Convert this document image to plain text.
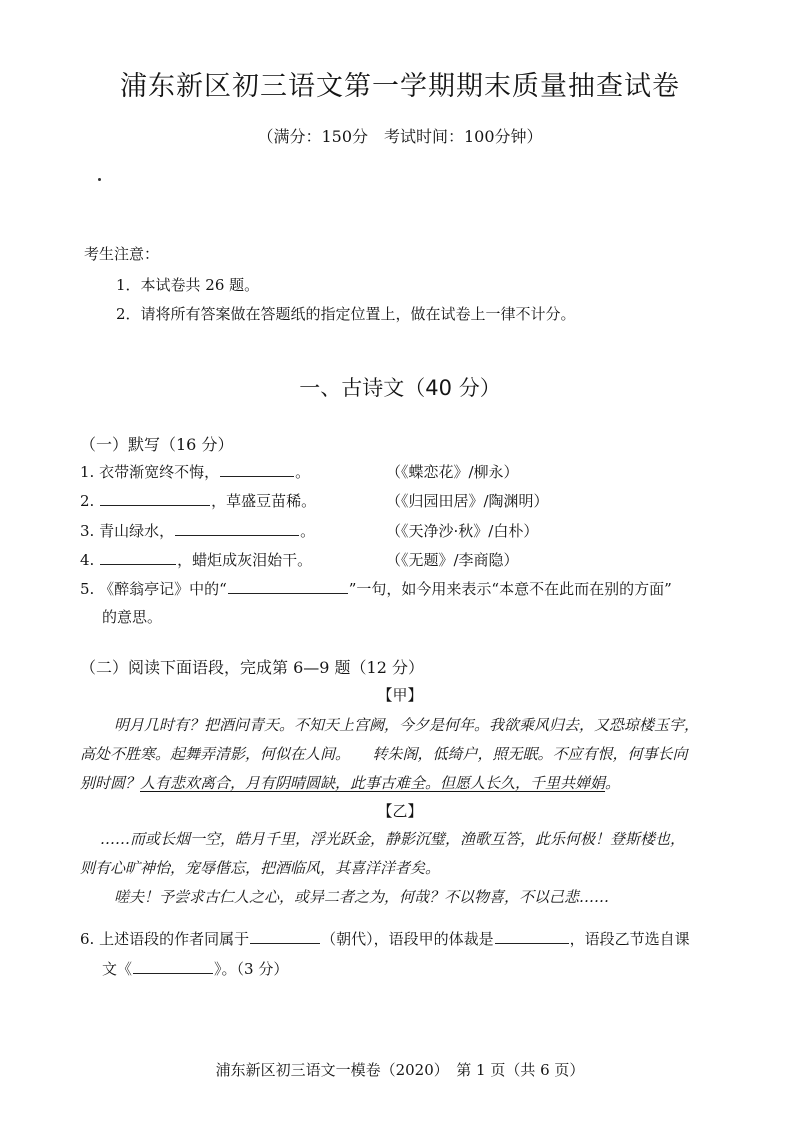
浦东新区初三语文第一学期期末质量抽查试卷
（满分：150分　考试时间：100分钟）
考生注意：
1．本试卷共 26 题。
2．请将所有答案做在答题纸的指定位置上，做在试卷上一律不计分。
一、古诗文（40 分）
（一）默写（16 分）
1. 衣带渐宽终不悔，	。	（《蝶恋花》/柳永）
2.	，草盛豆苗稀。	（《归园田居》/陶渊明）
3. 青山绿水，	。	（《天净沙·秋》/白朴）
4.	，蜡炬成灰泪始干。	（《无题》/李商隐）
5. 《醉翁亭记》中的“	”一句，如今用来表示“本意不在此而在别的方面”
的意思。
（二）阅读下面语段，完成第 6—9 题（12 分）
【甲】
明月几时有？把酒问青天。不知天上宫阙，今夕是何年。我欲乘风归去，又恐琼楼玉宇，
高处不胜寒。起舞弄清影，何似在人间。　　转朱阁，低绮户，照无眠。不应有恨，何事长向
别时圆？人有悲欢离合，月有阴晴圆缺，此事古难全。但愿人长久，千里共婵娟。
【乙】
……而或长烟一空，皓月千里，浮光跃金，静影沉璧，渔歌互答，此乐何极！登斯楼也，
则有心旷神怡，宠辱偕忘，把酒临风，其喜洋洋者矣。
嗟夫！予尝求古仁人之心，或异二者之为，何哉？不以物喜，不以己悲……
6. 上述语段的作者同属于	（朝代），语段甲的体裁是	，语段乙节选自课
文《	》。（3 分）
浦东新区初三语文一模卷（2020）　第 1 页（共 6 页）
